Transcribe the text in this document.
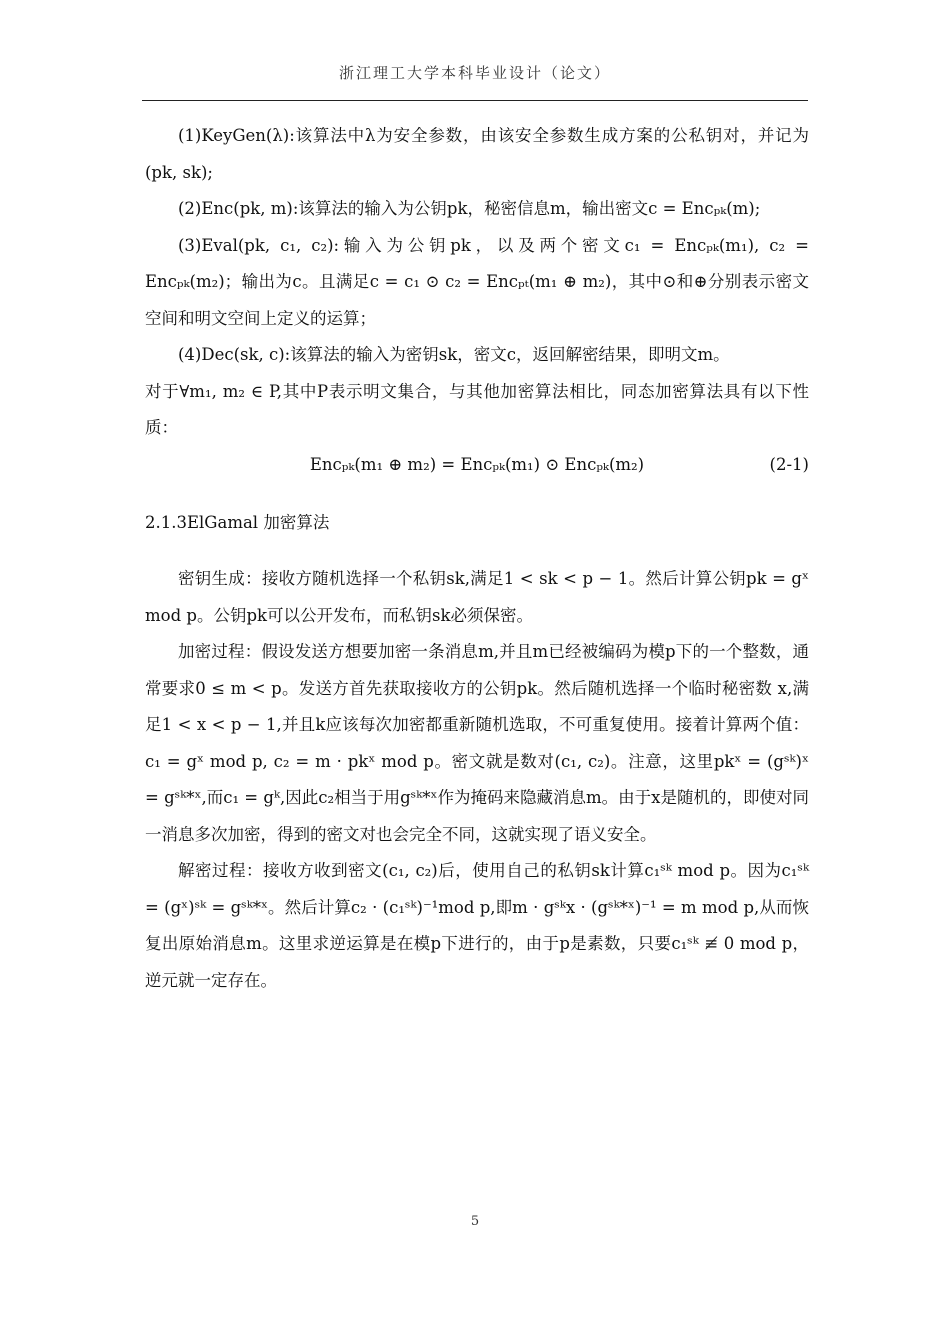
浙江理工大学本科毕业设计（论文）

(1)KeyGen(λ):该算法中λ为安全参数，由该安全参数生成方案的公私钥对，并记为(pk, sk);

(2)Enc(pk, m):该算法的输入为公钥pk，秘密信息m，输出密文c = Encₚₖ(m);

(3)Eval(pk, c₁, c₂):输入为公钥pk，以及两个密文c₁ = Encₚₖ(m₁), c₂ = Encₚₖ(m₂)；输出为c。且满足c = c₁ ⊙ c₂ = Encₚₜ(m₁ ⊕ m₂)，其中⊙和⊕分别表示密文空间和明文空间上定义的运算；

(4)Dec(sk, c):该算法的输入为密钥sk，密文c，返回解密结果，即明文m。

对于∀m₁, m₂ ∈ P,其中P表示明文集合，与其他加密算法相比，同态加密算法具有以下性质：

Encₚₖ(m₁ ⊕ m₂) = Encₚₖ(m₁) ⊙ Encₚₖ(m₂)	(2-1)

2.1.3ElGamal 加密算法

密钥生成：接收方随机选择一个私钥sk,满足1 < sk < p − 1。然后计算公钥pk = gˣ mod p。公钥pk可以公开发布，而私钥sk必须保密。

加密过程：假设发送方想要加密一条消息m,并且m已经被编码为模p下的一个整数，通常要求0 ≤ m < p。发送方首先获取接收方的公钥pk。然后随机选择一个临时秘密数 x,满足1 < x < p − 1,并且k应该每次加密都重新随机选取，不可重复使用。接着计算两个值：c₁ = gˣ mod p, c₂ = m · pkˣ mod p。密文就是数对(c₁, c₂)。注意，这里pkˣ = (gˢᵏ)ˣ = gˢᵏ*ˣ,而c₁ = gᵏ,因此c₂相当于用gˢᵏ*ˣ作为掩码来隐藏消息m。由于x是随机的，即使对同一消息多次加密，得到的密文对也会完全不同，这就实现了语义安全。

解密过程：接收方收到密文(c₁, c₂)后，使用自己的私钥sk计算c₁ˢᵏ mod p。因为c₁ˢᵏ = (gˣ)ˢᵏ = gˢᵏ*ˣ。然后计算c₂ · (c₁ˢᵏ)⁻¹mod p,即m · gˢᵏx · (gˢᵏ*ˣ)⁻¹ = m mod p,从而恢复出原始消息m。这里求逆运算是在模p下进行的，由于p是素数，只要c₁ˢᵏ ≢ 0 mod p，逆元就一定存在。

5
